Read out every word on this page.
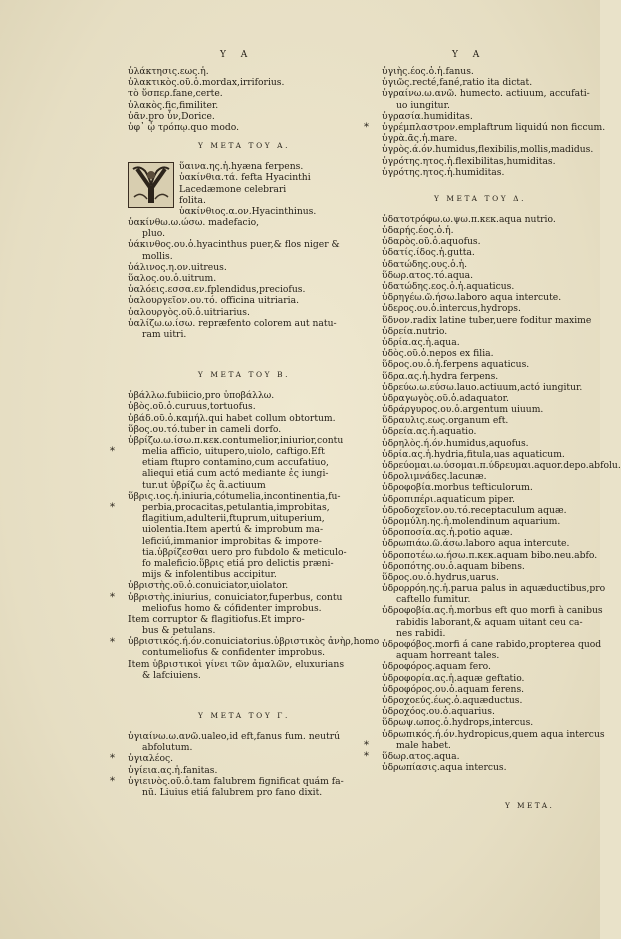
Y A	Y A
ὑλάκτησις.εως.ἡ.
ὑλακτικὸς.οῦ.ὁ.mordax,irriforius.
τὸ ὕσπερ.fane,certe.
ὑλακὸς.fic,fimiliter.
ὑᾶν.pro ὗν,Dorice.
ὑφ᾽ ᾧ τρόπῳ.quo modo.
Y META TOY A.
ὕαινα.ης.ἡ.hyæna ferpens.
ὑακίνθια.τά. fefta Hyacinthi
Lacedæmone celebrari
folita.
ὑακίνθιος.α.ον.Hyacinthinus.
ὑακίνθω.ω.ώσω. madefacio,
pluo.
ὑάκινθος.ου.ὁ.hyacinthus puer,& flos niger &
mollis.
ὑάλινος.η.ον.uitreus.
ὕαλος.ου.ὁ.uitrum.
ὑαλόεις.εσσα.εν.fplendidus,preciofus.
ὑαλουργεῖον.ου.τό. officina uitriaria.
ὑαλουργὸς.οῦ.ὁ.uitriarius.
ὑαλίζω.ω.ίσω. repræfento colorem aut natu-
ram uitri.
Y META TOY B.
ὑβάλλω.fubiicio,pro ὑποβάλλω.
ὑβὸς.οῦ.ὁ.curuus,tortuofus.
ὑβάδ.οῦ.ὁ.καμήλ.qui habet collum obtortum.
ὕβος.ου.τό.tuber in cameli dorfo.
ὑβρίζω.ω.ίσω.π.κεκ.contumelior,iniurior,contu
*	melia afficio, uitupero,uiolo, caftigo.Eft
etiam ftupro contamino,cum accufatiuo,
aliequi etiá cum actó mediante ἐς iungi-
tur.ut ὑβρίζω ἐς ἃ.actiuum
ὕβρις.ιος.ἡ.iniuria,cótumelia,incontinentia,fu-
*	perbia,procacitas,petulantia,improbitas,
flagitium,adulterii,ftuprum,uituperium,
uiolentia.Item apertú & improbum ma-
leficiú,immanior improbitas & impoте-
tia.ὑβρίζεσθαι uero pro fubdolo & meticulo-
fo maleficio.ὕβρις etiá pro delictis præni-
mijs & infolentibus accipitur.
ὑβριστὴς.οῦ.ὁ.conuiciator,uiolator.
* ὑβριστὴς.iniurius, conuiciator,fuperbus, contu
meliofus homo & cófidenter improbus.
Item corruptor & flagitiofus.Et impro-
bus & petulans.
* ὑβριστικός.ή.όν.conuiciatorius.ὑβριστικὸς ἀνὴρ,homo
contumeliofus & confidenter improbus.
Item ὑβριστικοὶ γίνει τῶν ἀμαλῶν, eluxurians
& lafciuiens.
Y META TOY Γ.
ὑγιαίνω.ω.ανῶ.ualeo,id eft,fanus fum. neutrú
abfolutum.
* ὑγιαλέος.
ὑγίεια.ας.ἡ.fanitas.
* ὑγιεινὸς.οῦ.ὁ.tam falubrem fignificat quám fa-
nū. Liuius etiá falubrem pro fano dixit.
ὑγιὴς.έος.ὁ.ἡ.fanus.
ὑγιῶς.recté,fané,ratio ita dictat.
ὑγραίνω.ω.ανῶ. humecto. actiuum, accufati-
uo iungitur.
ὑγρασία.humiditas.
* ὑγρέμπλαστρον.emplaftrum liquidú non ficcum.
ὑγρὰ.ᾶς.ἡ.mare.
ὑγρὸς.ά.όν.humidus,flexibilis,mollis,madidus.
ὑγρότης.ητος.ἡ.flexibilitas,humiditas.
ὑγρότης.ητος.ἡ.humiditas.
Y META TOY Δ.
ὑδατοτρόφω.ω.ψω.π.κεκ.aqua nutrio.
ὑδαρής.έος.ὁ.ἡ.
ὑδαρὸς.οῦ.ὁ.aquofus.
ὑδατίς.ίδος.ἡ.gutta.
ὑδατώδης.ους.ὁ.ἡ.
ὕδωρ.ατος.τό.aqua.
ὑδατώδης.εος.ὁ.ἡ.aquaticus.
ὑδρηγέω.ῶ.ήσω.laboro aqua intercute.
ὑδερος.ου.ὁ.intercus,hydrops.
ὕδνον.radix latine tuber,uere foditur maxime
ὑδρεία.nutrio.
ὑδρία.ας.ἡ.aqua.
ὑδὸς.οῦ.ὁ.nepos ex filia.
ὕδρος.ου.ὁ.ἡ.ferpens aquaticus.
ὕδρα.ας.ἡ.hydra ferpens.
ὑδρεύω.ω.εύσω.lauo.actiuum,actó iungitur.
ὑδραγωγὸς.οῦ.ὁ.adaquator.
ὑδράργυρος.ου.ὁ.argentum uiuum.
ὕδραυλις.εως.organum eft.
ὑδρεία.ας.ἡ.aquatio.
ὑδρηλὸς.ή.όν.humidus,aquofus.
ὑδρία.ας.ἡ.hydria,fitula,uas aquaticum.
ὑδρεύομαι.ω.ύσομαι.π.ύδρευμαι.aquor.depo.abfolu.
ὑδρολιμνάδες.lacunæ.
ὑδροφοβία.morbus tefticulorum.
ὑδροπιπέρι.aquaticum piper.
ὑδροδοχεῖον.ου.τό.receptaculum aquæ.
ὑδρομύλη.ης.ἡ.molendinum aquarium.
ὑδροποσία.ας.ἡ.potio aquæ.
ὑδρωπιάω.ῶ.άσω.laboro aqua intercute.
ὑδροποτέω.ω.ήσω.π.κεκ.aquam bibo.neu.abfo.
ὑδροπότης.ου.ὁ.aquam bibens.
ὕδρος.ου.ὁ.hydrus,uarus.
ὑδρορρόη.ης.ἡ.parua palus in aquæductibus,pro
caftello fumitur.
ὑδροφοβία.ας.ἡ.morbus eft quo morfi à canibus
rabidis laborant,& aquam uitant ceu ca-
nes rabidi.
ὑδροφόβος.morfi á cane rabido,propterea quod
aquam horreant tales.
ὑδροφόρος.aquam fero.
ὑδροφορία.ας.ἡ.aquæ geftatio.
ὑδροφόρος.ου.ὁ.aquam ferens.
ὑδροχοεύς.έως.ὁ.aquæductus.
ὑδροχόος.ου.ὁ.aquarius.
ὕδρωψ.ωπος.ὁ.hydrops,intercus.
ὑδρωπικός.ή.όν.hydropicus,quem aqua intercus
*	male habet.
* ὕδωρ.ατος.aqua.
ὑδρωπίασις.aqua intercus.
Y META.
